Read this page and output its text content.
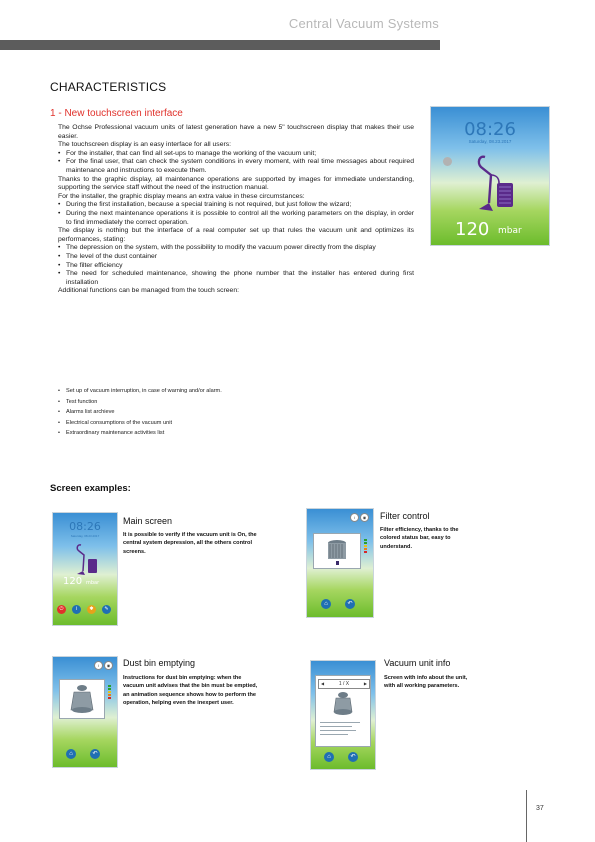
Central Vacuum Systems
CHARACTERISTICS
1 - New touchscreen interface

The Ochse Professional vacuum units of latest generation have a new 5" touchscreen display that makes their use easier.

The touchscreen display is an easy interface for all users:

• For the installer, that can find all set-ups to manage the working of the vacuum unit;
• For the final user, that can check the system conditions in every moment, with real time messages about required maintenance and instructions to execute them.

Thanks to the graphic display, all maintenance operations are supported by images for immediate understanding, supporting the service staff without the need of the instruction manual.

For the installer, the graphic display means an extra value in these circumstances:

• During the first installation, because a special training is not required, but just follow the wizard;
• During the next maintenance operations it is possible to control all the working parameters on the display, in order to find immediately the correct operation.

The display is nothing but the interface of a real computer set up that rules the vacuum unit and optimizes its performances, stating:

• The depression on the system, with the possibility to modify the vacuum power directly from the display
• The level of the dust container
• The filter efficiency
• The need for scheduled maintenance, showing the phone number that the installer has entered during first installation

Additional functions can be managed from the touch screen:

• Set up of vacuum interruption, in case of warning and/or alarm.
• Test function
• Alarms list archieve
• Electrical consumptions of the vacuum unit
• Extraordinary maintenance activities list
08:26
Saturday, 08.23.2017
120 mbar
Screen examples:
08:26
Saturday, 08.23.2017
120 mbar
⏻	i	✱	✎
Main screen
It is possible to verify if the vacuum unit is On, the central system depression, all the others control screens.
i	◉
⌂	↶
Filter control
Filter efficiency, thanks to the colored status bar, easy to understand.
i	◉
⌂	↶
Dust bin emptying
Instructions for dust bin emptying: when the vacuum unit advises that the bin must be emptied, an animation sequence shows how to perform the operation, helping even the inexpert user.
◀	1 / X	▶
⌂	↶
Vacuum unit info
Screen with info about the unit, with all working parameters.
37
